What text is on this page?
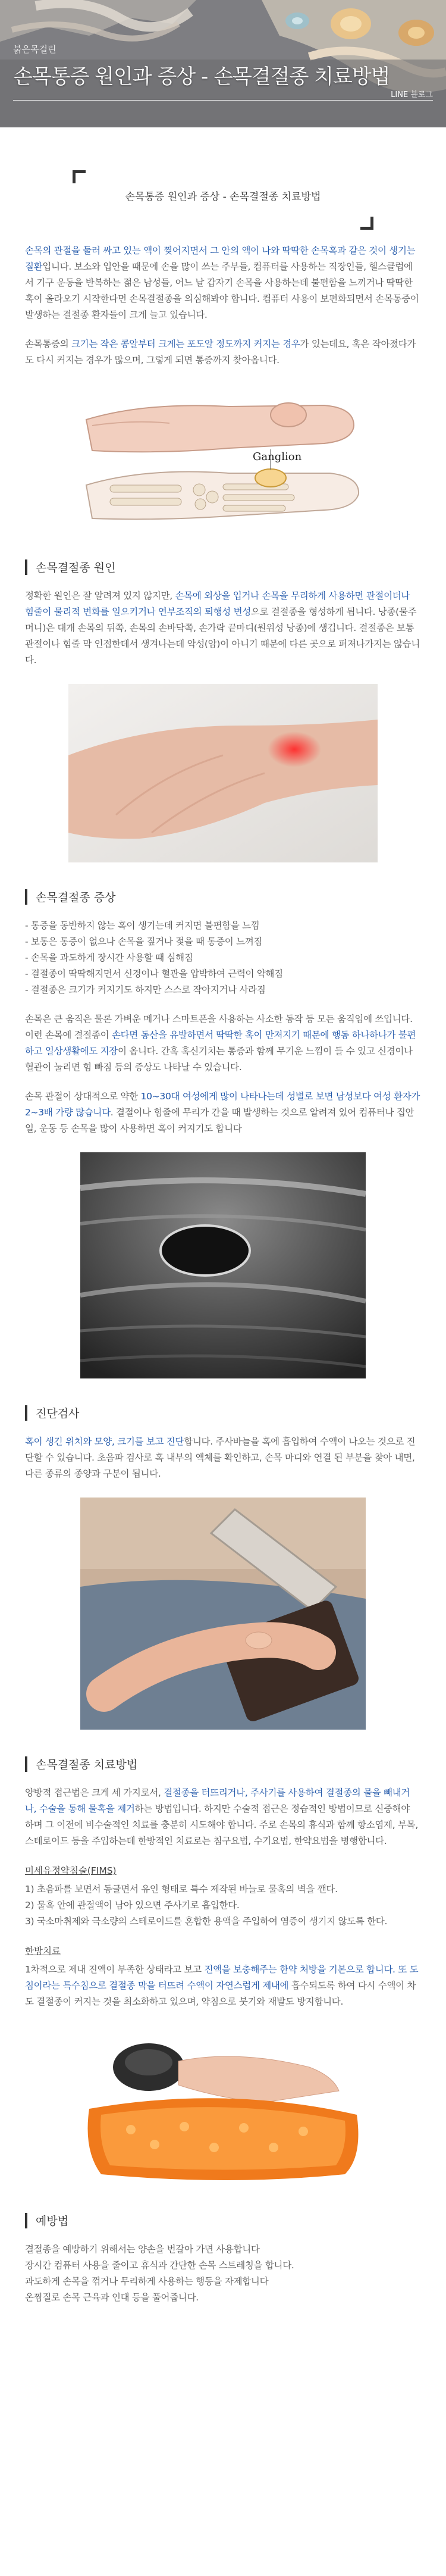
붉은목걸린
손목통증 원인과 증상 - 손목결절종 치료방법
LINE 블로그
손목통증 원인과 증상 - 손목결절종 치료방법

손목의 관절을 둘러 싸고 있는 액이 찢어지면서 그 안의 액이 나와 딱딱한 손목혹과 같은 것이 생기는 질환입니다. 보소와 입안을 때문에 손을 많이 쓰는 주부들, 컴퓨터를 사용하는 직장인들, 헬스클럽에서 기구 운동을 반복하는 젊은 남성들, 어느 날 갑자기 손목을 사용하는데 불편함을 느끼거나 딱딱한 혹이 올라오기 시작한다면 손목결절종을 의심해봐야 합니다. 컴퓨터 사용이 보편화되면서 손목통증이 발생하는 결절종 환자들이 크게 늘고 있습니다.

손목통증의 크기는 작은 콩알부터 크게는 포도알 정도까지 커지는 경우가 있는데요, 혹은 작아졌다가도 다시 커지는 경우가 많으며, 그렇게 되면 통증까지 찾아옵니다.

Ganglion
손목결절종 원인

정확한 원인은 잘 알려져 있지 않지만, 손목에 외상을 입거나 손목을 무리하게 사용하면 관절이더나 힘줄이 물리적 변화를 일으키거나 연부조직의 퇴행성 변성으로 결절종을 형성하게 됩니다. 낭종(물주머니)은 대개 손목의 뒤쪽, 손목의 손바닥쪽, 손가락 끝마디(원위성 낭종)에 생깁니다. 결절종은 보통 관절이나 힘줄 막 인접한데서 생겨나는데 악성(암)이 아니기 때문에 다른 곳으로 퍼져나가지는 않습니다.

손목결절종 증상
- 통증을 동반하지 않는 혹이 생기는데 커지면 불편함을 느낌
- 보통은 통증이 없으나 손목을 짚거나 젖을 때 통증이 느껴짐
- 손목을 과도하게 장시간 사용할 때 심해짐
- 결절종이 딱딱해지면서 신경이나 혈관을 압박하여 근력이 약해짐
- 결절종은 크기가 커지기도 하지만 스스로 작아지거나 사라짐

손목은 큰 움직은 물론 가벼운 메거나 스마트폰을 사용하는 사소한 동작 등 모든 움직임에 쓰입니다. 이런 손목에 결절종이 손다면 동산을 유발하면서 딱딱한 혹이 만져지기 때문에 행동 하나하나가 불편하고 일상생활에도 지장이 옵니다. 간혹 혹신기치는 통증과 함께 무기운 느낌이 들 수 있고 신경이나 혈관이 눌리면 힘 빠짐 등의 증상도 나타날 수 있습니다.

손목 관절이 상대적으로 약한 10~30대 여성에게 많이 나타나는데 성별로 보면 남성보다 여성 환자가 2~3배 가량 많습니다. 결절이나 힘줄에 무리가 간을 때 발생하는 것으로 알려져 있어 컴퓨터나 집안일, 운동 등 손목을 많이 사용하면 혹이 커지기도 합니다

진단검사

혹이 생긴 위치와 모양, 크기를 보고 진단합니다. 주사바늘을 혹에 흡입하여 수액이 나오는 것으로 진단할 수 있습니다. 초음파 검사로 혹 내부의 액체를 확인하고, 손목 마디와 연결 된 부분을 찾아 내면, 다른 종류의 종양과 구분이 됩니다.

손목결절종 치료방법

양방적 접근법은 크게 세 가지로서, 결절종을 터뜨리거나, 주사기를 사용하여 결절종의 물을 빼내거나, 수술을 통해 물혹을 제거하는 방법입니다. 하지만 수술적 접근은 정습적인 방법이므로 신중해야 하며 그 이전에 비수술적인 치료를 충분히 시도해야 합니다. 주로 손목의 휴식과 함께 항소염제, 부목, 스테로이드 등을 주입하는데 한방적인 치료로는 침구요법, 수기요법, 한약요법을 병행합니다.

미세유정약침술(FIMS)
1) 초음파를 보면서 동글면서 유인 형태로 특수 제작된 바늘로 물혹의 벽을 깬다.
2) 물혹 안에 관절액이 남아 있으면 주사기로 흡입한다.
3) 국소마취제와 극소량의 스테로이드를 혼합한 용액을 주입하여 염증이 생기지 않도록 한다.
한방치료

1차적으로 제내 진액이 부족한 상태라고 보고 진액을 보충해주는 한약 처방을 기본으로 합니다. 또 도침이라는 특수침으로 결절종 막을 터뜨려 수액이 자연스럽게 제내에 흡수되도록 하여 다시 수액이 차도 결절종이 커지는 것을 최소화하고 있으며, 약침으로 붓기와 재발도 방지합니다.

예방법
결절종을 예방하기 위해서는 양손을 번갈아 가면 사용합니다
장시간 컴퓨터 사용을 줄이고 휴식과 간단한 손목 스트레칭을 합니다.
과도하게 손목을 꺾거나 무리하게 사용하는 행동을 자제합니다
온찜질로 손목 근육과 인대 등을 풀어줍니다.
